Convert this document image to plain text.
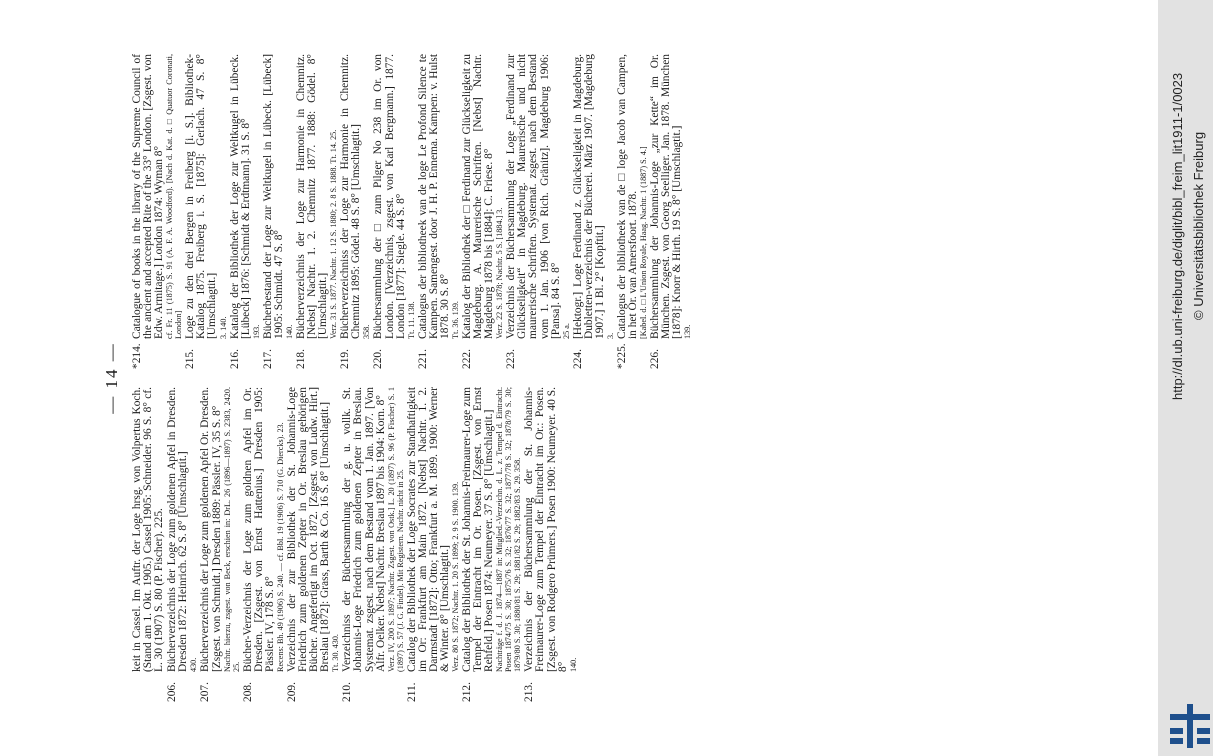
— 14 —
keit in Cassel. Im Auftr. der Loge hrsg. von Volpertus Koch. (Stand am 1. Okt. 1905.) Cassel 1905: Schneider. 96 S. 8° cf. L. 30 (1907) S. 80 (P. Fischer). 225.
206.
Bücherverzeichnis der Loge zum goldenen Apfel in Dresden. Dresden 1872: Heinrich. 62 S. 8° [Umschlagtit.] 430.
207.
Bücherverzeichnis der Loge zum goldenen Apfel Or. Dresden. [Zsgest. von Schmidt.] Dresden 1889: Pässler. IV, 35 S. 8° Nachtr. hierzu, zsgest. von Beck, erschien in: DrL. 26 (1896—1897) S. 2383, 2420. 25.
208.
Bücher-Verzeichnis der Loge zum goldnen Apfel im Or. Dresden. [Zsgest. von Ernst Hattenius.] Dresden 1905: Pässler. IV, 178 S. 8° Recens: Bh. 49 (1906) S. 240. — cf. Bbl. 19 (1906) S. 710 (G. Diercks). 23.
209.
Verzeichnis der zur Bibliothek der St. Johannis-Loge Friedrich zum goldenen Zepter in Or. Breslau gehörigen Bücher. Angefertigt im Oct. 1872. [Zsgest. von Ludw. Hirt.] Breslau [1872]: Grass, Barth & Co. 16 S. 8° [Umschlagtit.] Tt. 30. 430.
210.
Verzeichniss der Büchersammlung der g. u. vollk. St. Johannis-Loge Friedrich zum goldenen Zepter in Breslau. Systemat. zsgest. nach dem Bestand vom 1. Jan. 1897. [Von Alfr. Oelker. Nebst] Nachtr. Breslau 1897 bis 1904: Korn. 8° Verz. IV, 200 S. 1897; Nachtr. Zsgest. von Ostk.] L. 20 (1897) S. 96 (P. Fischer) S. 1 (1897) S. 57 (J. G. Findel). Mit Registern. Nachtr. nicht in 25.
211.
Catalog der Bibliothek der Loge Socrates zur Standhaftigkeit im Or: Frankfurt am Main 1872. [Nebst] Nachtr. 1. 2. Darmstadt [1872]: Otto; Frankfurt a. M. 1899. 1900: Werner & Winter. 8° [Umschlagtit.] Verz. 80 S. 1872; Nachtr. 1. 20 S. 1899; 2. 9 S. 1900. 139.
212.
Catalog der Bibliothek der St. Johannis-Freimaurer-Loge zum Tempel der Eintracht im Or. Posen. [Zsgest. von Ernst Rehfeld.] Posen 1874: Neumeyer. 37 S. 8° [Umschlagtit.] Nachträge f. d. J. 1874—1887 in: Mitglied.-Verzeichn. d. L. z. Tempel d. Eintracht. Posen 1874/75 S. 30; 1875/76 S. 32; 1876/77 S. 32; 1877/78 S. 32; 1878/79 S. 30; 1879/80 S. 30; 1880/81 S. 29; 1881/82 S. 29; 1882/83 S. 29. 358.
213.
Verzeichnis der Büchersammlung der St. Johannis-Freimaurer-Loge zum Tempel der Eintracht im Or.: Posen. [Zsgest. von Rodgero Prümers.] Posen 1900: Neumeyer. 40 S. 8° 140.
*214.
Catalogue of books in the library of the Supreme Council of the ancient and accepted Rite of the 33° London. [Zsgest. von Edw. Armitage.] London 1874: Wyman 8° cf. Fr. 11 (1875) S. 91 (A. F. A. Woodford). [Nach d. Kat. d. □ Quatuor Coronati, London]
215.
Loge zu den drei Bergen in Freiberg [i. S.]. Bibliothek-Katalog 1875. Freiberg i. S. [1875]: Gerlach. 47 S. 8° [Umschlagtit.] 3. 140.
216.
Katalog der Bibliothek der Loge zur Weltkugel in Lübeck. [Lübeck] 1876: [Schmidt & Erdtmann]. 31 S. 8° 193.
217.
Bücherbestand der Loge zur Weltkugel in Lübeck. [Lübeck] 1905: Schmidt. 47 S. 8° 140.
218.
Bücherverzeichnis der Loge zur Harmonie in Chemnitz. [Nebst] Nachtr. 1. 2. Chemnitz 1877. 1888: Gödel. 8° [Umschlagtit.] Verz. 31 S. 1877. Nachtr. 1. 12 S. 1880; 2. 8 S. 1888. Tt. 14. 25.
219.
Bücherverzeichniss der Loge zur Harmonie in Chemnitz. Chemnitz 1895: Gödel. 48 S. 8° [Umschlagtit.] 358.
220.
Büchersammlung der □ zum Pilger No 238 im Or. von London. [Verzeichnis, zsgest. von Karl Bergmann.] 1877. London [1877]: Siegle. 44 S. 8° Tt. 11. 138.
221.
Catalogus der bibliotheek van de loge Le Profond Silence te Kampen. Samengest. door J. H. P. Ennema. Kampen: v. Hulst 1878. 30 S. 8° Tt. 36. 139.
222.
Katalog der Bibliothek der □ Ferdinand zur Glückseligkeit zu Magdeburg. A. Maurerische Schriften. [Nebst] Nachtr. Magdeburg 1878 bis [1884]: C. Friese. 8° Verz. 22 S. 1878; Nachtr. 5 S. [1884.] 3.
223.
Verzeichnis der Büchersammlung der Loge „Ferdinand zur Glückseligkeit“ in Magdeburg. Maurerische und nicht maurerische Schriften. Systemat. zsgest. nach dem Bestand vom 1. Jan. 1906 [von Rich. Gränitz]. Magdeburg 1906: [Pansa]. 84 S. 8° 25 a.
224.
[Hektogr.] Loge Ferdinand z. Glückseligkeit in Magdeburg. Dubletten-verzeichnis der Bücherei. März 1907. [Magdeburg 1907.] 1 Bl. 2° [Kopftit.] 3.
*225.
Catalogus der bibliotheek van de □ loge Jacob van Campen, in het Or. van Amersfoort. 1878. [Kabel. d. □ L'Union Royale, Haag. Nachtr. 1 (1887) S. 4.]
226.
Büchersammlung der Johannis-Loge „zur Kette“ im Or. München. Zsgest. von Georg Seelliger. Jan. 1878. München [1878]: Knorr & Hirth. 19 S. 8° [Umschlagtit.] 139.	http://dl.ub.uni-freiburg.de/diglit/bibl_freim_lit1911-1/0023 © Universitätsbibliothek Freiburg
